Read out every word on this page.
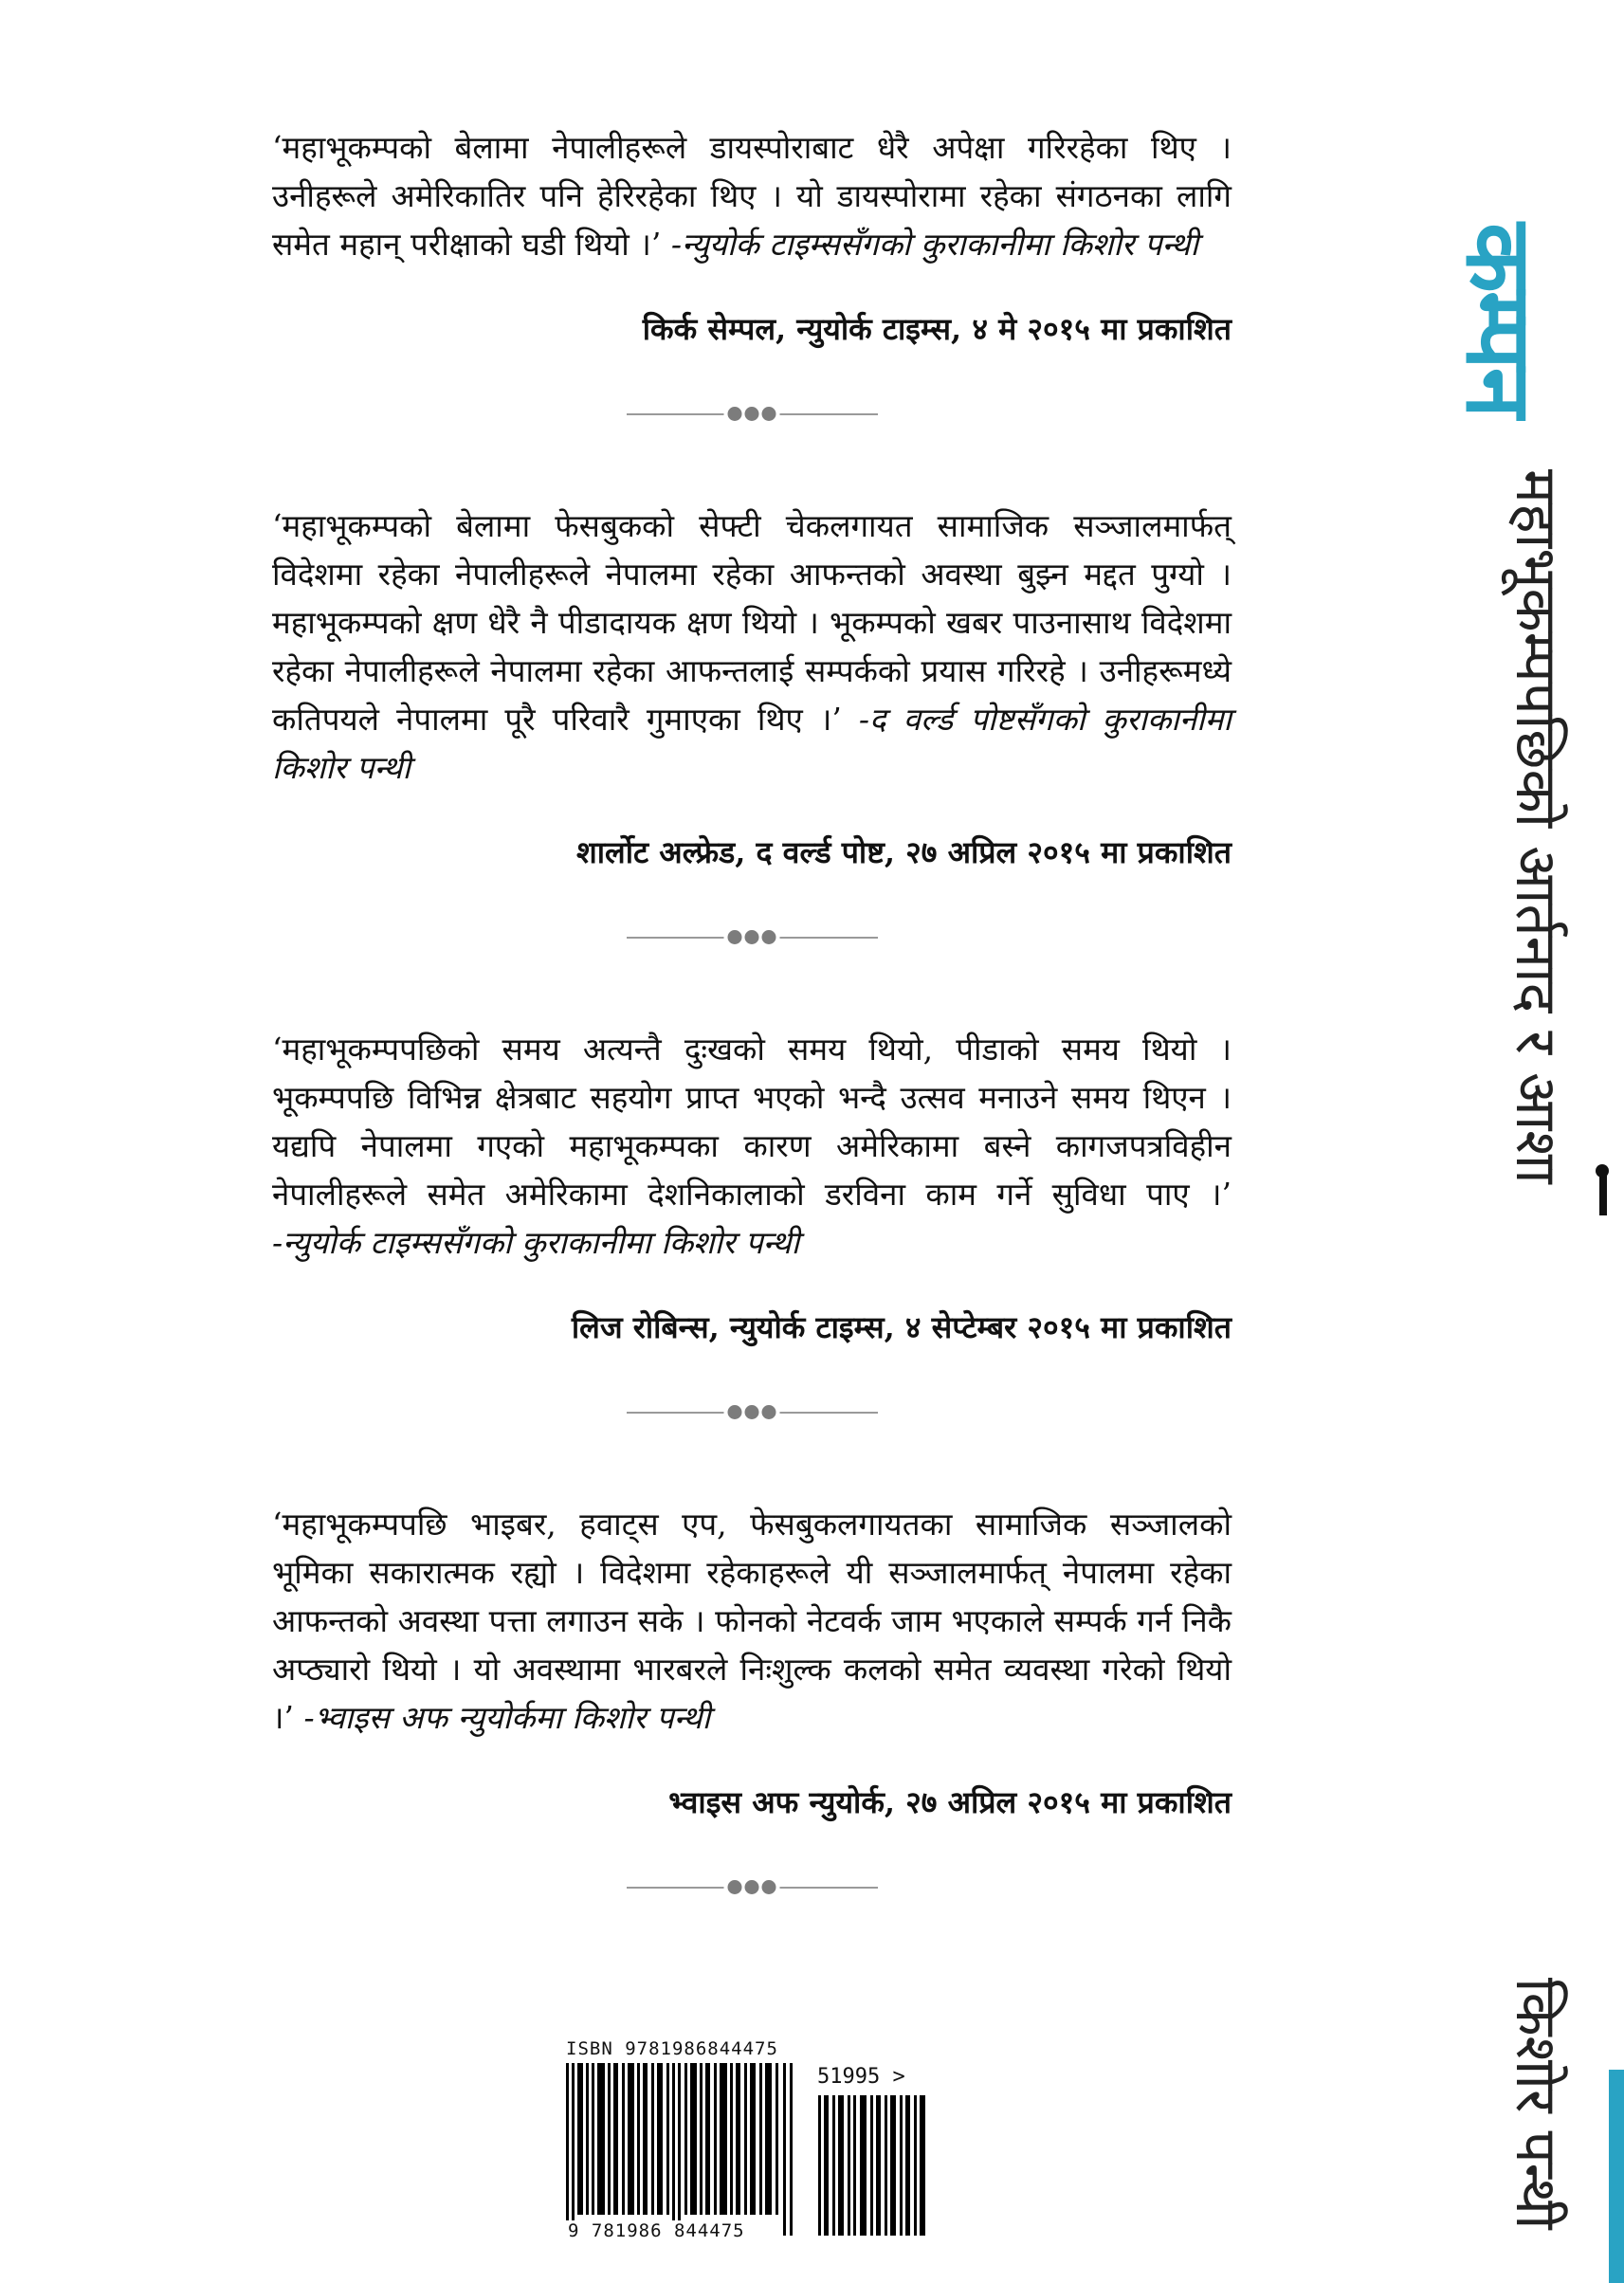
‘महाभूकम्पको बेलामा नेपालीहरूले डायस्पोराबाट धेरै अपेक्षा गरिरहेका थिए । उनीहरूले अमेरिकातिर पनि हेरिरहेका थिए । यो डायस्पोरामा रहेका संगठनका लागि समेत महान् परीक्षाको घडी थियो ।’ -न्युयोर्क टाइम्ससँगको कुराकानीमा किशोर पन्थी

किर्क सेम्पल, न्युयोर्क टाइम्स, ४ मे २०१५ मा प्रकाशित

‘महाभूकम्पको बेलामा फेसबुकको सेफ्टी चेकलगायत सामाजिक सञ्जालमार्फत् विदेशमा रहेका नेपालीहरूले नेपालमा रहेका आफन्तको अवस्था बुझ्न मद्दत पुग्यो । महाभूकम्पको क्षण धेरै नै पीडादायक क्षण थियो । भूकम्पको खबर पाउनासाथ विदेशमा रहेका नेपालीहरूले नेपालमा रहेका आफन्तलाई सम्पर्कको प्रयास गरिरहे । उनीहरूमध्ये कतिपयले नेपालमा पूरै परिवारै गुमाएका थिए ।’ -द वर्ल्ड पोष्टसँगको कुराकानीमा किशोर पन्थी

शार्लोट अल्फ्रेड, द वर्ल्ड पोष्ट, २७ अप्रिल २०१५ मा प्रकाशित

‘महाभूकम्पपछिको समय अत्यन्तै दुःखको समय थियो, पीडाको समय थियो । भूकम्पपछि विभिन्न क्षेत्रबाट सहयोग प्राप्त भएको भन्दै उत्सव मनाउने समय थिएन । यद्यपि नेपालमा गएको महाभूकम्पका कारण अमेरिकामा बस्ने कागजपत्रविहीन नेपालीहरूले समेत अमेरिकामा देशनिकालाको डरविना काम गर्ने सुविधा पाए ।’ -न्युयोर्क टाइम्ससँगको कुराकानीमा किशोर पन्थी

लिज रोबिन्स, न्युयोर्क टाइम्स, ४ सेप्टेम्बर २०१५ मा प्रकाशित

‘महाभूकम्पपछि भाइबर, हवाट्स एप, फेसबुकलगायतका सामाजिक सञ्जालको भूमिका सकारात्मक रह्यो । विदेशमा रहेकाहरूले यी सञ्जालमार्फत् नेपालमा रहेका आफन्तको अवस्था पत्ता लगाउन सके । फोनको नेटवर्क जाम भएकाले सम्पर्क गर्न निकै अप्ठ्यारो थियो । यो अवस्थामा भारबरले निःशुल्क कलको समेत व्यवस्था गरेको थियो ।’ -भ्वाइस अफ न्युयोर्कमा किशोर पन्थी

भ्वाइस अफ न्युयोर्क, २७ अप्रिल २०१५ मा प्रकाशित

कम्पन
महाभूकम्पपछिको आर्तनाद र आशा
किशोर पन्थी
ISBN 9781986844475
51995 >
9 781986 844475
